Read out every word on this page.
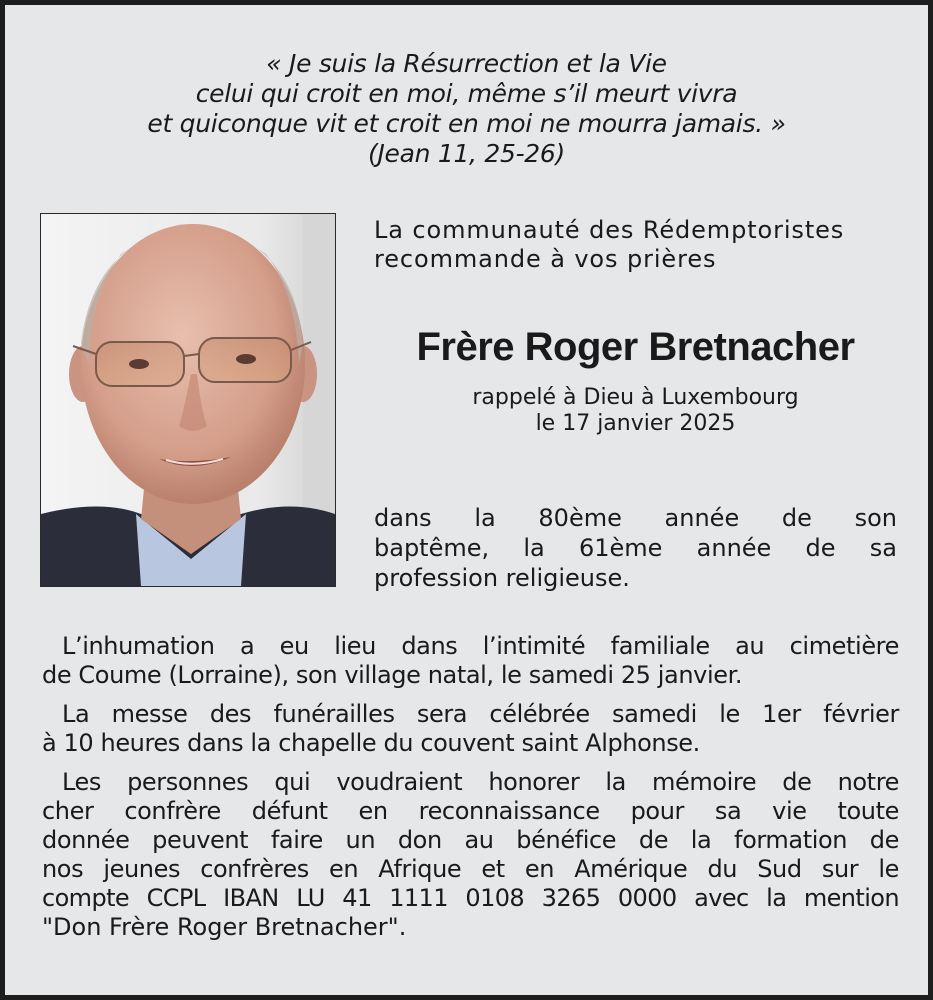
« Je suis la Résurrection et la Vie
celui qui croit en moi, même s’il meurt vivra
et quiconque vit et croit en moi ne mourra jamais. »
(Jean 11, 25-26)
La communauté des Rédemptoristes
recommande à vos prières
Frère Roger Bretnacher
rappelé à Dieu à Luxembourg
le 17 janvier 2025
dans la 80ème année de son
baptême, la 61ème année de sa
profession religieuse.
L’inhumation a eu lieu dans l’intimité familiale au cimetière
de Coume (Lorraine), son village natal, le samedi 25 janvier.
La messe des funérailles sera célébrée samedi le 1er février
à 10 heures dans la chapelle du couvent saint Alphonse.
Les personnes qui voudraient honorer la mémoire de notre
cher confrère défunt en reconnaissance pour sa vie toute
donnée peuvent faire un don au bénéfice de la formation de
nos jeunes confrères en Afrique et en Amérique du Sud sur le
compte CCPL IBAN LU 41 1111 0108 3265 0000 avec la mention
"Don Frère Roger Bretnacher".
